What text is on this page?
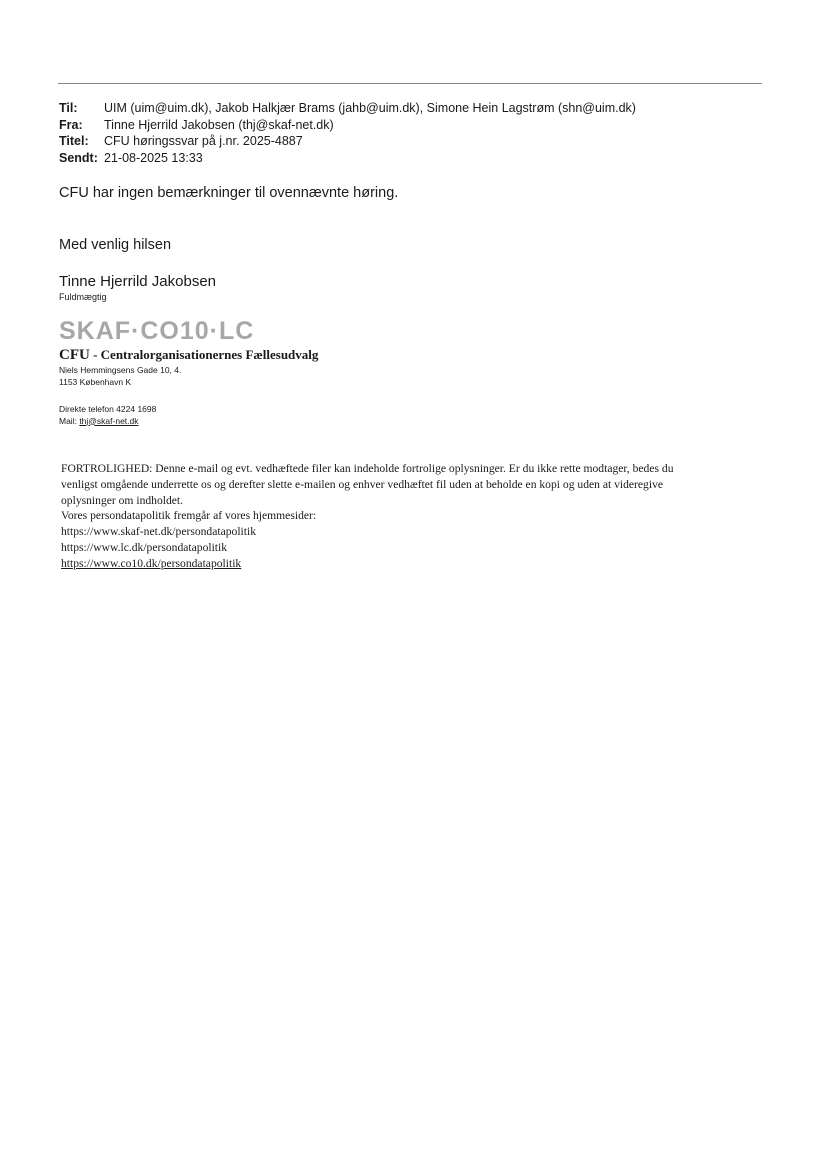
Til:	UIM (uim@uim.dk), Jakob Halkjær Brams (jahb@uim.dk), Simone Hein Lagstrøm (shn@uim.dk)
Fra:	Tinne Hjerrild Jakobsen (thj@skaf-net.dk)
Titel:	CFU høringssvar på j.nr. 2025-4887
Sendt: 21-08-2025 13:33
CFU har ingen bemærkninger til ovennævnte høring.
Med venlig hilsen
Tinne Hjerrild Jakobsen
Fuldmægtig
SKAF·CO10·LC
CFU - Centralorganisationernes Fællesudvalg
Niels Hemmingsens Gade 10, 4.
1153 København K
Direkte telefon 4224 1698
Mail: thj@skaf-net.dk
FORTROLIGHED: Denne e-mail og evt. vedhæftede filer kan indeholde fortrolige oplysninger. Er du ikke rette modtager, bedes du
venligst omgående underrette os og derefter slette e-mailen og enhver vedhæftet fil uden at beholde en kopi og uden at videregive
oplysninger om indholdet.
Vores persondatapolitik fremgår af vores hjemmesider:
https://www.skaf-net.dk/persondatapolitik
https://www.lc.dk/persondatapolitik
https://www.co10.dk/persondatapolitik
